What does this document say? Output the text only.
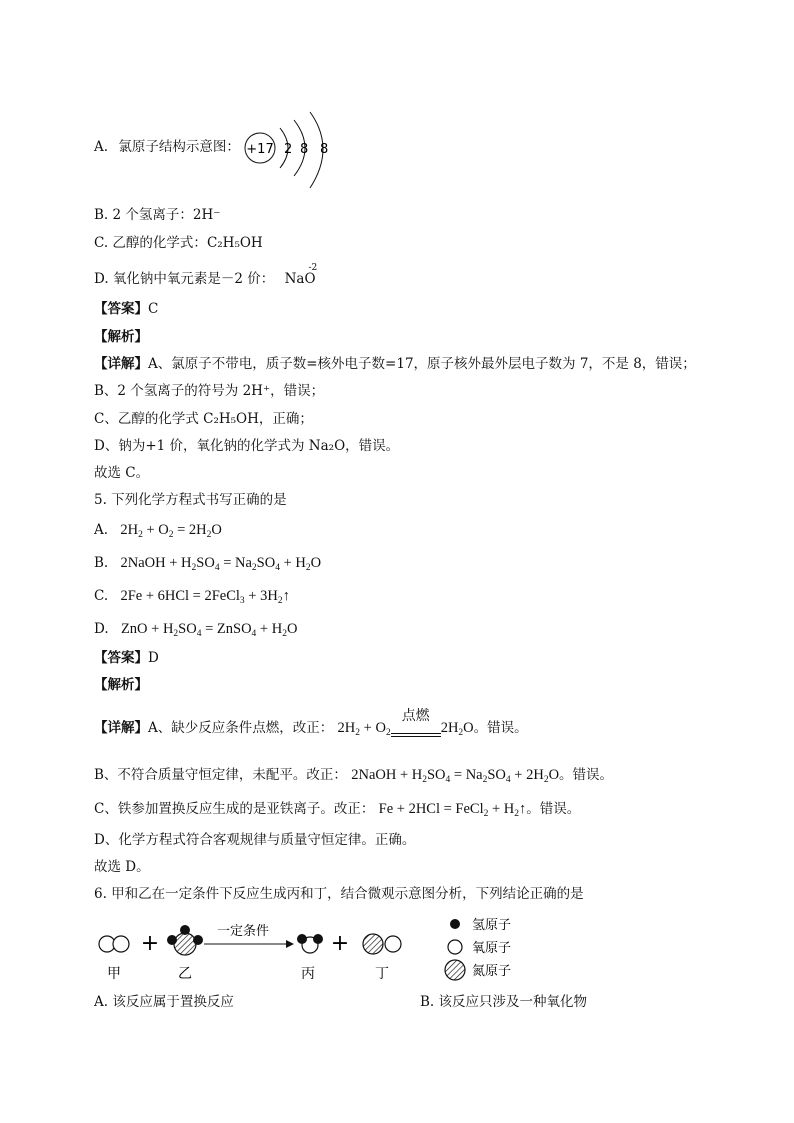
A. 氯原子结构示意图： +17 2 8 8
B. 2 个氢离子：2H⁻
C. 乙醇的化学式：C₂H₅OH
D. 氧化钠中氧元素是－2 价： Na
-2
O
【答案】C
【解析】
【详解】A、氯原子不带电，质子数=核外电子数=17，原子核外最外层电子数为 7，不是 8，错误；
B、2 个氢离子的符号为 2H⁺，错误；
C、乙醇的化学式 C₂H₅OH，正确；
D、钠为+1 价，氧化钠的化学式为 Na₂O，错误。
故选 C。
5. 下列化学方程式书写正确的是
A. $2H_2 + O_2 = 2H_2O$
B. 2NaOH + $H_2SO_4 = Na_2SO_4 + H_2O$
C. 2Fe + 6HCl = 2FeCl$_3$ + $3H_2↑$
D. ZnO + $H_2SO_4$ = ZnSO$_4$ + $H_2O$
【答案】D
【解析】
【详解】A、缺少反应条件点燃，改正： $2H_2 + O_2$
点燃
$2H_2O$。错误。
B、不符合质量守恒定律，未配平。改正： 2NaOH + $H_2SO_4 = Na_2SO_4 + 2H_2O$。错误。
C、铁参加置换反应生成的是亚铁离子。改正： Fe + 2HCl = FeCl$_2$ + $H_2↑$。错误。
D、化学方程式符合客观规律与质量守恒定律。正确。
故选 D。
6. 甲和乙在一定条件下反应生成丙和丁，结合微观示意图分析，下列结论正确的是
+	一定条件	+
甲	乙	丙	丁
氢原子
氧原子
氮原子
A. 该反应属于置换反应	B. 该反应只涉及一种氧化物
